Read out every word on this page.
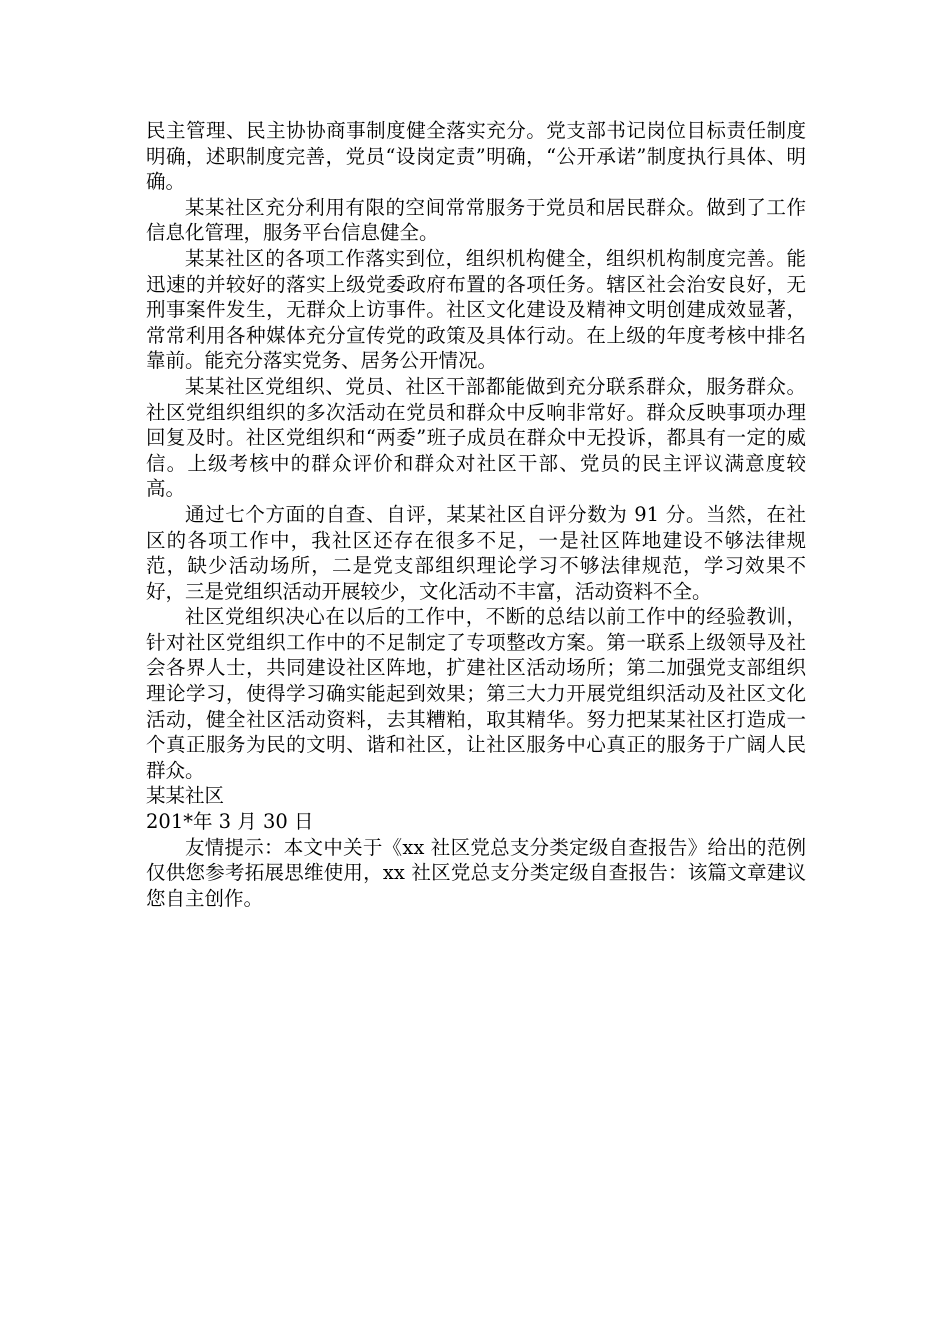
民主管理、民主协协商事制度健全落实充分。党支部书记岗位目标责任制度明确，述职制度完善，党员“设岗定责”明确，“公开承诺”制度执行具体、明确。

某某社区充分利用有限的空间常常服务于党员和居民群众。做到了工作信息化管理，服务平台信息健全。

某某社区的各项工作落实到位，组织机构健全，组织机构制度完善。能迅速的并较好的落实上级党委政府布置的各项任务。辖区社会治安良好，无刑事案件发生，无群众上访事件。社区文化建设及精神文明创建成效显著，常常利用各种媒体充分宣传党的政策及具体行动。在上级的年度考核中排名靠前。能充分落实党务、居务公开情况。

某某社区党组织、党员、社区干部都能做到充分联系群众，服务群众。社区党组织组织的多次活动在党员和群众中反响非常好。群众反映事项办理回复及时。社区党组织和“两委”班子成员在群众中无投诉，都具有一定的威信。上级考核中的群众评价和群众对社区干部、党员的民主评议满意度较高。

通过七个方面的自查、自评，某某社区自评分数为 91 分。当然，在社区的各项工作中，我社区还存在很多不足，一是社区阵地建设不够法律规范，缺少活动场所，二是党支部组织理论学习不够法律规范，学习效果不好，三是党组织活动开展较少，文化活动不丰富，活动资料不全。

社区党组织决心在以后的工作中，不断的总结以前工作中的经验教训，针对社区党组织工作中的不足制定了专项整改方案。第一联系上级领导及社会各界人士，共同建设社区阵地，扩建社区活动场所；第二加强党支部组织理论学习，使得学习确实能起到效果；第三大力开展党组织活动及社区文化活动，健全社区活动资料，去其糟粕，取其精华。努力把某某社区打造成一个真正服务为民的文明、谐和社区，让社区服务中心真正的服务于广阔人民群众。

某某社区

201*年 3 月 30 日

友情提示：本文中关于《xx 社区党总支分类定级自查报告》给出的范例仅供您参考拓展思维使用，xx 社区党总支分类定级自查报告：该篇文章建议您自主创作。
